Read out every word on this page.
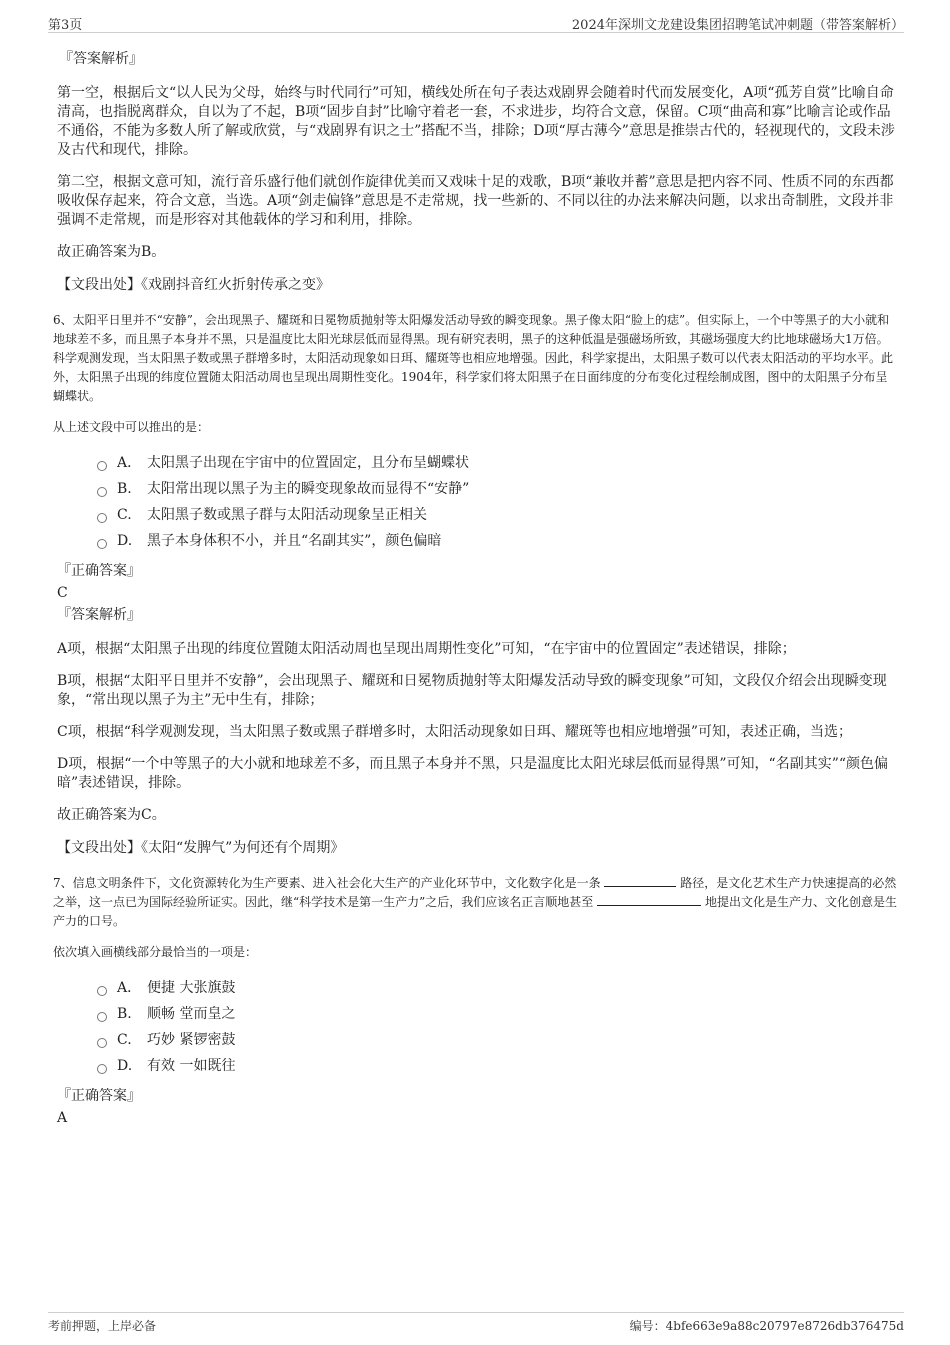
第3页	2024年深圳文龙建设集团招聘笔试冲刺题（带答案解析）
『答案解析』

第一空，根据后文“以人民为父母，始终与时代同行”可知，横线处所在句子表达戏剧界会随着时代而发展变化，A项“孤芳自赏”比喻自命清高，也指脱离群众，自以为了不起，B项“固步自封”比喻守着老一套，不求进步，均符合文意，保留。C项“曲高和寡”比喻言论或作品不通俗，不能为多数人所了解或欣赏，与“戏剧界有识之士”搭配不当，排除；D项“厚古薄今”意思是推崇古代的，轻视现代的，文段未涉及古代和现代，排除。

第二空，根据文意可知，流行音乐盛行他们就创作旋律优美而又戏味十足的戏歌，B项“兼收并蓄”意思是把内容不同、性质不同的东西都吸收保存起来，符合文意，当选。A项“剑走偏锋”意思是不走常规，找一些新的、不同以往的办法来解决问题，以求出奇制胜，文段并非强调不走常规，而是形容对其他载体的学习和利用，排除。

故正确答案为B。

【文段出处】《戏剧抖音红火折射传承之变》
6、太阳平日里并不“安静”，会出现黑子、耀斑和日冕物质抛射等太阳爆发活动导致的瞬变现象。黑子像太阳“脸上的痣”。但实际上，一个中等黑子的大小就和地球差不多，而且黑子本身并不黑，只是温度比太阳光球层低而显得黑。现有研究表明，黑子的这种低温是强磁场所致，其磁场强度大约比地球磁场大1万倍。科学观测发现，当太阳黑子数或黑子群增多时，太阳活动现象如日珥、耀斑等也相应地增强。因此，科学家提出，太阳黑子数可以代表太阳活动的平均水平。此外，太阳黑子出现的纬度位置随太阳活动周也呈现出周期性变化。1904年，科学家们将太阳黑子在日面纬度的分布变化过程绘制成图，图中的太阳黑子分布呈蝴蝶状。
从上述文段中可以推出的是：
A． 太阳黑子出现在宇宙中的位置固定，且分布呈蝴蝶状
B.	太阳常出现以黑子为主的瞬变现象故而显得不“安静”
C.	太阳黑子数或黑子群与太阳活动现象呈正相关
D.	黑子本身体积不小，并且“名副其实”，颜色偏暗
『正确答案』
C
『答案解析』

A项，根据“太阳黑子出现的纬度位置随太阳活动周也呈现出周期性变化”可知，“在宇宙中的位置固定”表述错误，排除；

B项，根据“太阳平日里并不安静”，会出现黑子、耀斑和日冕物质抛射等太阳爆发活动导致的瞬变现象”可知，文段仅介绍会出现瞬变现象，“常出现以黑子为主”无中生有，排除；

C项，根据“科学观测发现，当太阳黑子数或黑子群增多时，太阳活动现象如日珥、耀斑等也相应地增强”可知，表述正确，当选；

D项，根据“一个中等黑子的大小就和地球差不多，而且黑子本身并不黑，只是温度比太阳光球层低而显得黑”可知，“名副其实”“颜色偏暗”表述错误，排除。

故正确答案为C。

【文段出处】《太阳“发脾气”为何还有个周期》
7、信息文明条件下，文化资源转化为生产要素、进入社会化大生产的产业化环节中，文化数字化是一条	路径，是文化艺术生产力快速提高的必然之举，这一点已为国际经验所证实。因此，继“科学技术是第一生产力”之后，我们应该名正言顺地甚至	地提出文化是生产力、文化创意是生产力的口号。
依次填入画横线部分最恰当的一项是：
A． 便捷 大张旗鼓
B.	顺畅 堂而皇之
C.	巧妙 紧锣密鼓
D.	有效 一如既往
『正确答案』
A
考前押题，上岸必备	编号：4bfe663e9a88c20797e8726db376475d
